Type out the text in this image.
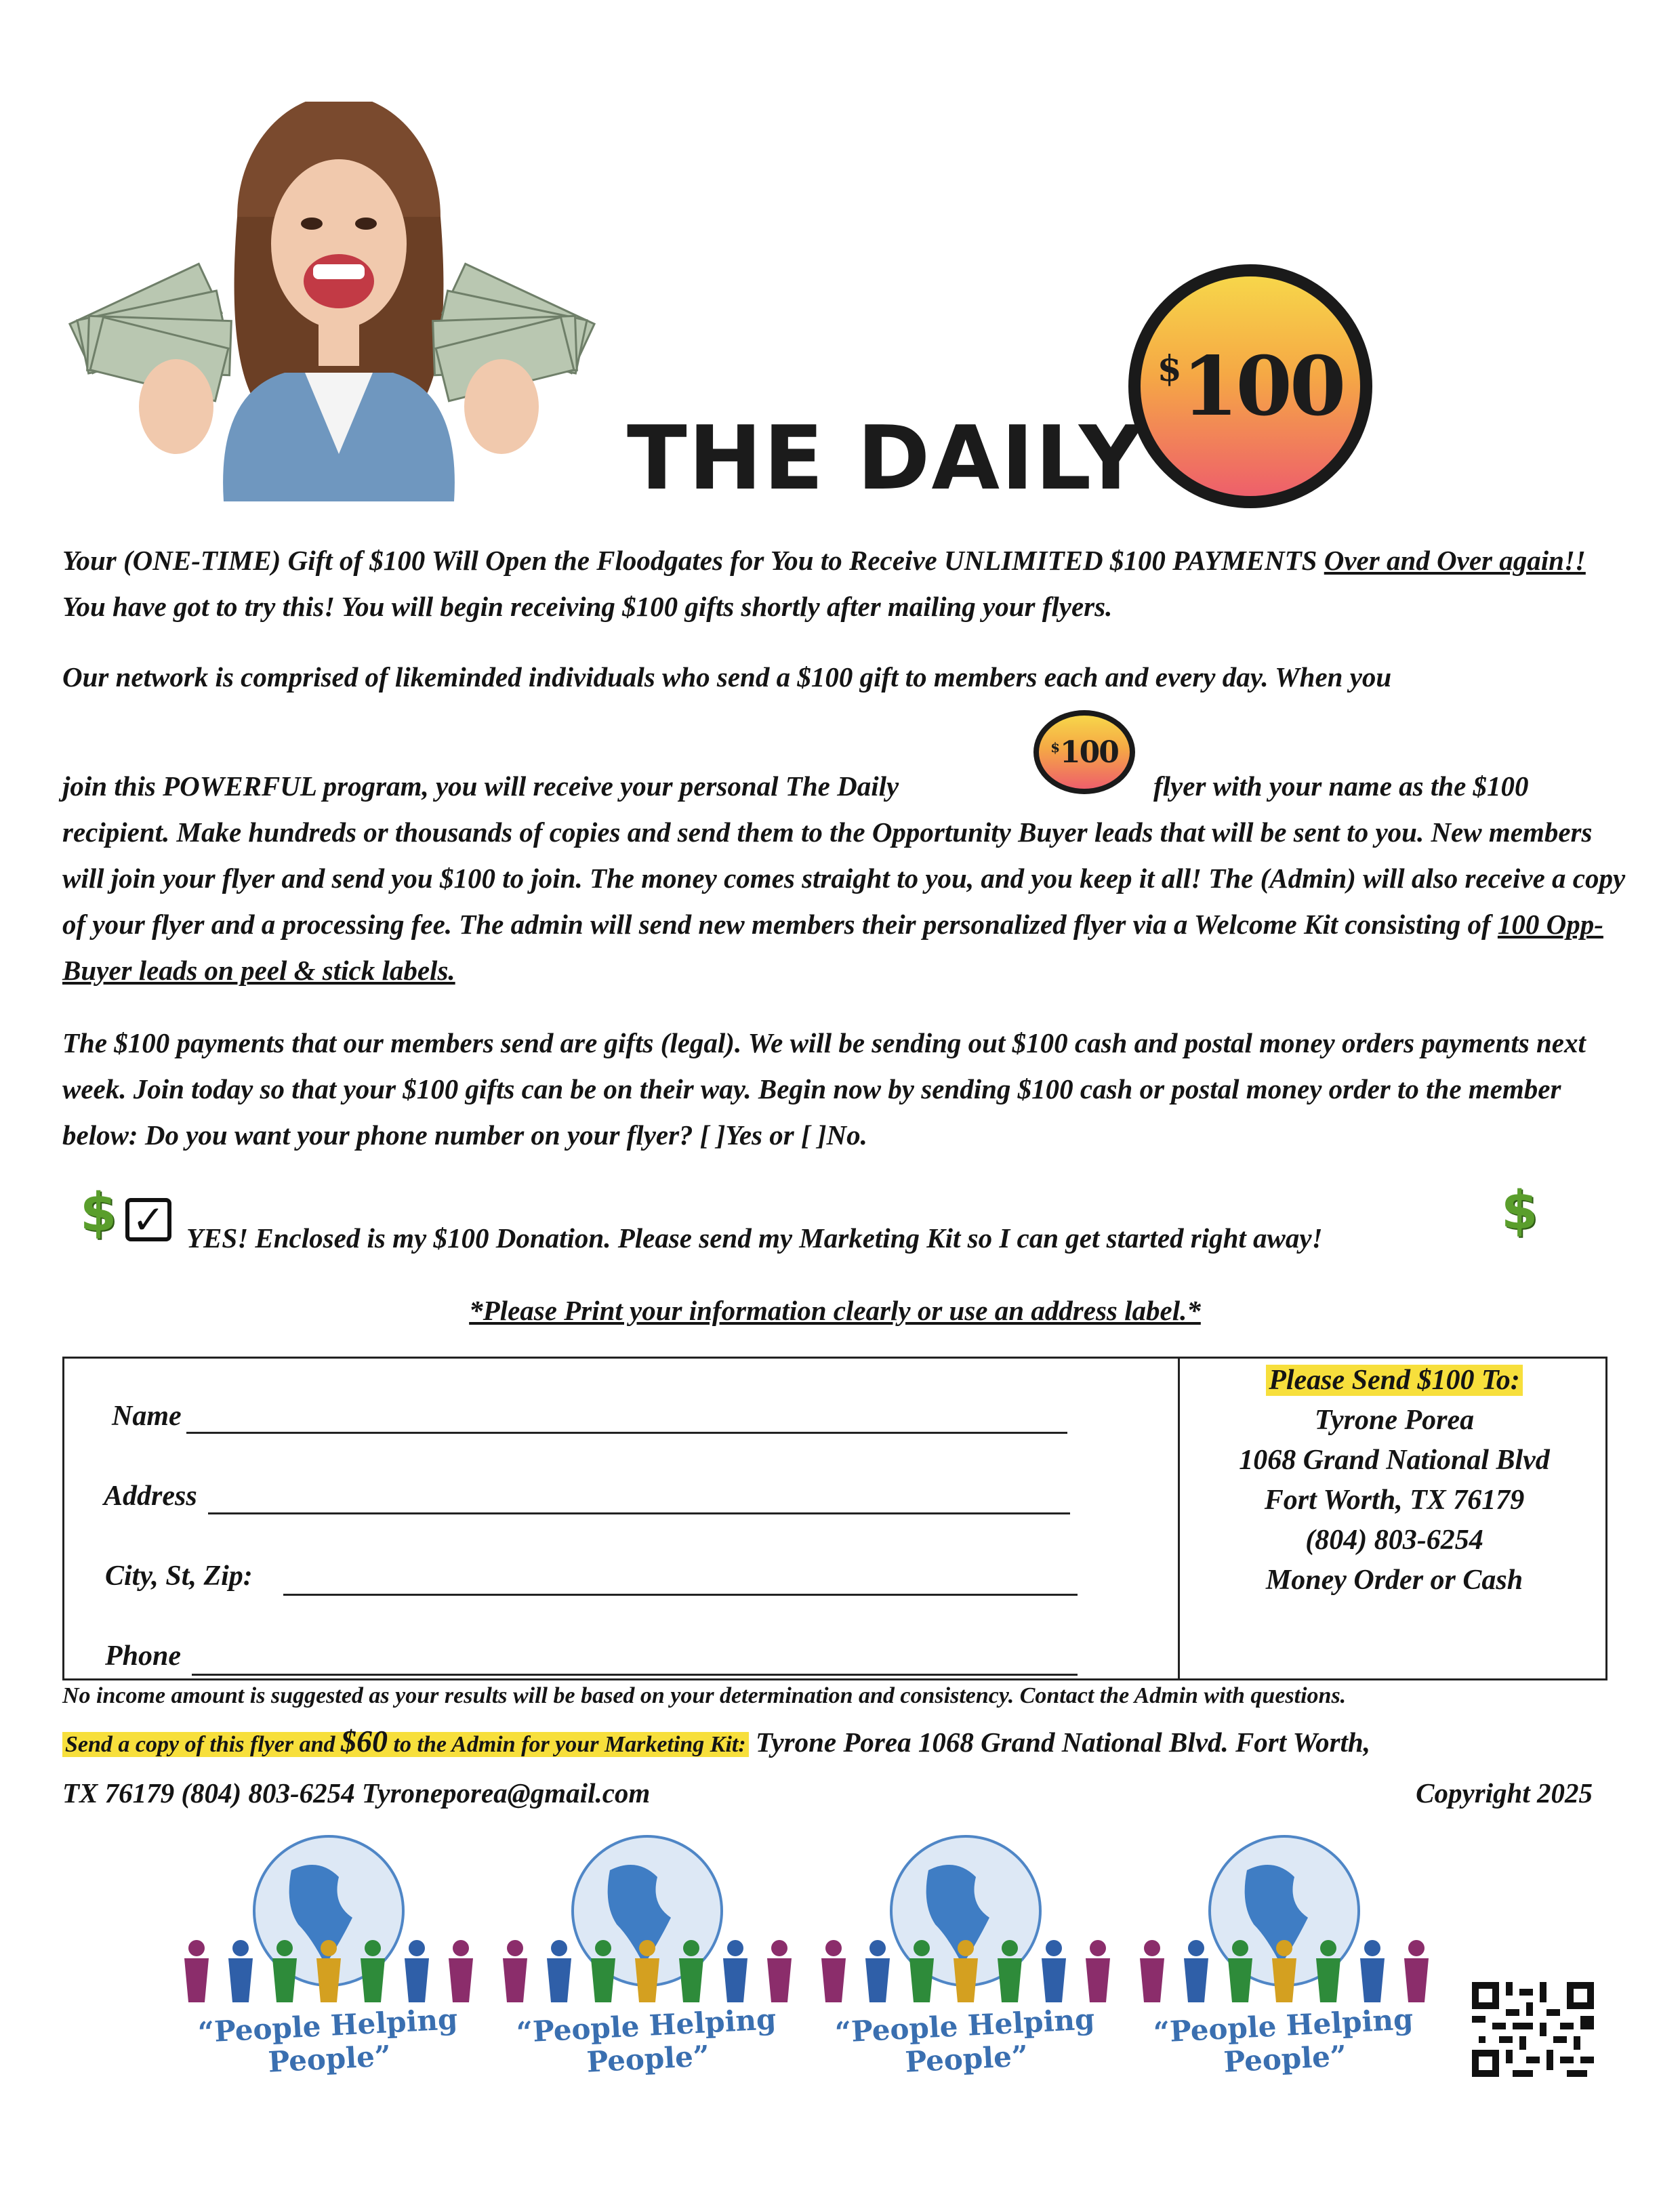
THE DAILY
$ 100
Your (ONE-TIME) Gift of $100 Will Open the Floodgates for You to Receive UNLIMITED $100 PAYMENTS Over and Over again!! You have got to try this! You will begin receiving $100 gifts shortly after mailing your flyers.
Our network is comprised of likeminded individuals who send a $100 gift to members each and every day. When you
join this POWERFUL program, you will receive your personal The Daily
$ 100
flyer with your name as the $100 recipient. Make hundreds or thousands of copies and send them to the Opportunity Buyer leads that will be sent to you. New members will join your flyer and send you $100 to join. The money comes straight to you, and you keep it all! The (Admin) will also receive a copy of your flyer and a processing fee. The admin will send new members their personalized flyer via a Welcome Kit consisting of 100 Opp-Buyer leads on peel & stick labels.
The $100 payments that our members send are gifts (legal). We will be sending out $100 cash and postal money orders payments next week. Join today so that your $100 gifts can be on their way. Begin now by sending $100 cash or postal money order to the member below: Do you want your phone number on your flyer? [ ]Yes or [ ]No.
$ ✓ YES! Enclosed is my $100 Donation. Please send my Marketing Kit so I can get started right away!	$
*Please Print your information clearly or use an address label.*
Name
Address
City, St, Zip:
Phone
Please Send $100 To:
Tyrone Porea
1068 Grand National Blvd
Fort Worth, TX 76179
(804) 803-6254
Money Order or Cash
No income amount is suggested as your results will be based on your determination and consistency. Contact the Admin with questions.
Send a copy of this flyer and $60 to the Admin for your Marketing Kit: Tyrone Porea 1068 Grand National Blvd. Fort Worth,
TX 76179 (804) 803-6254 Tyroneporea@gmail.com	Copyright 2025
“People Helping People”
“People Helping People”
“People Helping People”
“People Helping People”
